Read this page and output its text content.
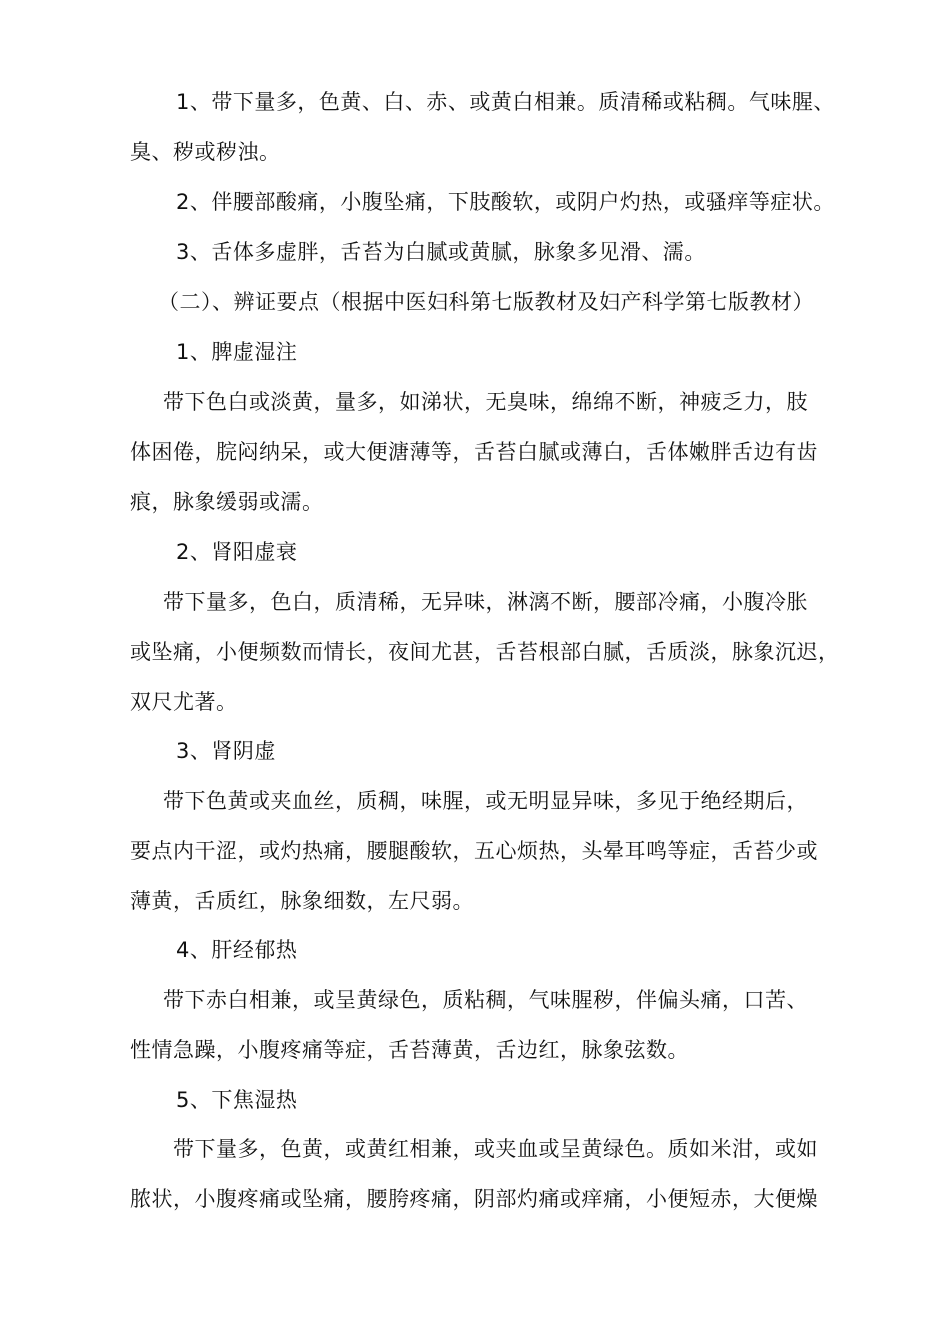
1、带下量多，色黄、白、赤、或黄白相兼。质清稀或粘稠。气味腥、
臭、秽或秽浊。
2、伴腰部酸痛，小腹坠痛，下肢酸软，或阴户灼热，或骚痒等症状。
3、舌体多虚胖，舌苔为白腻或黄腻，脉象多见滑、濡。
（二）、辨证要点（根据中医妇科第七版教材及妇产科学第七版教材）
1、脾虚湿注
带下色白或淡黄，量多，如涕状，无臭味，绵绵不断，神疲乏力，肢
体困倦，脘闷纳呆，或大便溏薄等，舌苔白腻或薄白，舌体嫩胖舌边有齿
痕，脉象缓弱或濡。
2、肾阳虚衰
带下量多，色白，质清稀，无异味，淋漓不断，腰部冷痛，小腹冷胀
或坠痛，小便频数而情长，夜间尤甚，舌苔根部白腻，舌质淡，脉象沉迟，
双尺尤著。
3、肾阴虚
带下色黄或夹血丝，质稠，味腥，或无明显异味，多见于绝经期后，
要点内干涩，或灼热痛，腰腿酸软，五心烦热，头晕耳鸣等症，舌苔少或
薄黄，舌质红，脉象细数，左尺弱。
4、肝经郁热
带下赤白相兼，或呈黄绿色，质粘稠，气味腥秽，伴偏头痛，口苦、
性情急躁，小腹疼痛等症，舌苔薄黄，舌边红，脉象弦数。
5、下焦湿热
带下量多，色黄，或黄红相兼，或夹血或呈黄绿色。质如米泔，或如
脓状，小腹疼痛或坠痛，腰胯疼痛，阴部灼痛或痒痛，小便短赤，大便燥
